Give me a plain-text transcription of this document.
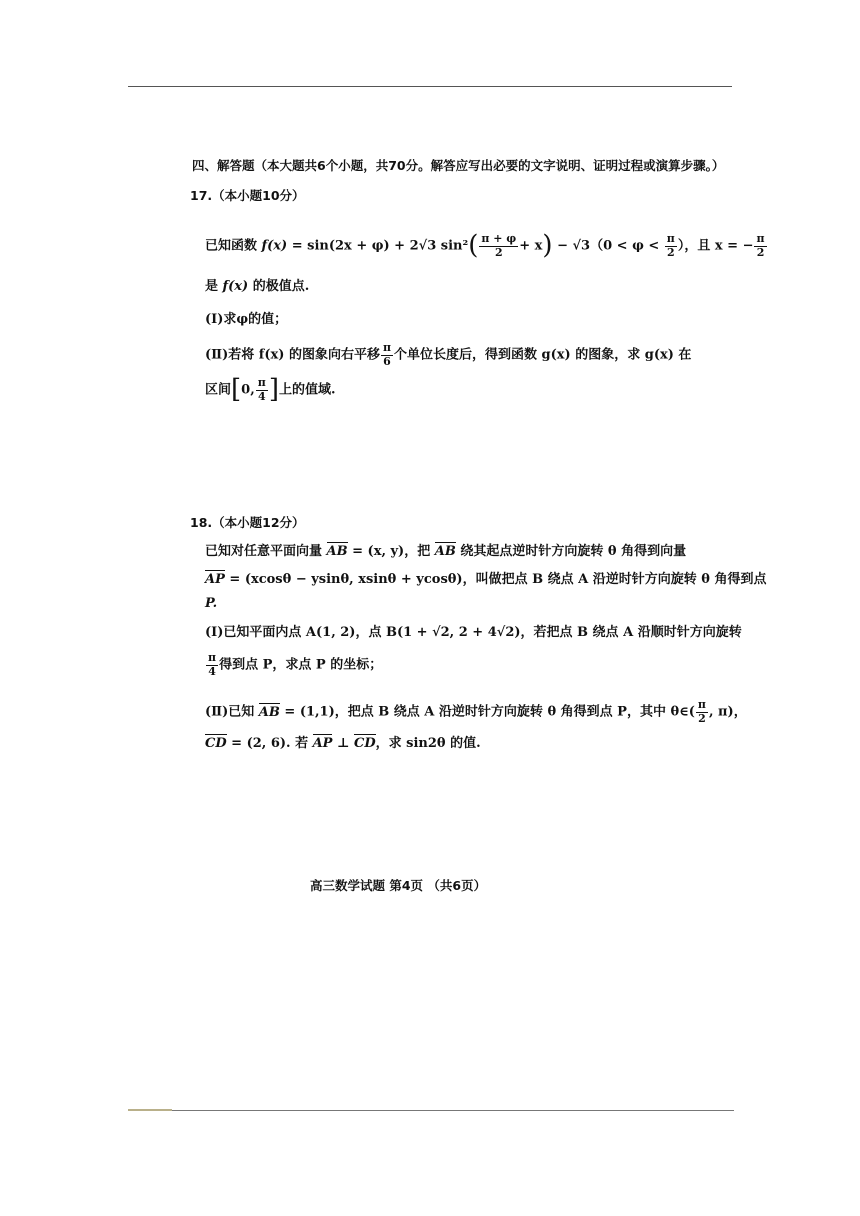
四、解答题（本大题共6个小题，共70分。解答应写出必要的文字说明、证明过程或演算步骤。）
17.（本小题10分）
已知函数 f(x) = sin(2x + φ) + 2√3 $\sin^2( \frac{\pi + \varphi}{2} + x) - √3(0 < \varphi < \frac{\pi}{2}$ ），且 x = − $\frac{\pi}{2}$
是 f(x) 的极值点.
(Ⅰ)求φ的值；
(Ⅱ)若将 f(x) 的图象向右平移 $\frac{\pi}{6}$ 个单位长度后，得到函数 g(x) 的图象，求 g(x) 在
区间[0, $\frac{\pi}{4}$ ]上的值域.
18.（本小题12分）
已知对任意平面向量 AB = (x, y)，把 AB 绕其起点逆时针方向旋转 θ 角得到向量
AP = (xcosθ − ysinθ, xsinθ + ycosθ)，叫做把点 B 绕点 A 沿逆时针方向旋转 θ 角得到点
P.
(Ⅰ)已知平面内点 A(1, 2)，点 B(1 + √2, 2 + 4√2)，若把点 B 绕点 A 沿顺时针方向旋转
$\frac{\pi}{4}$ 得到点 P，求点 P 的坐标；
(Ⅱ)已知 AB = (1,1)，把点 B 绕点 A 沿逆时针方向旋转 θ 角得到点 P，其中 θ∈( $\frac{\pi}{2}$ , π)，
CD = (2, 6). 若 AP ⊥ CD，求 sin2θ 的值.
高三数学试题 第4页 （共6页）
